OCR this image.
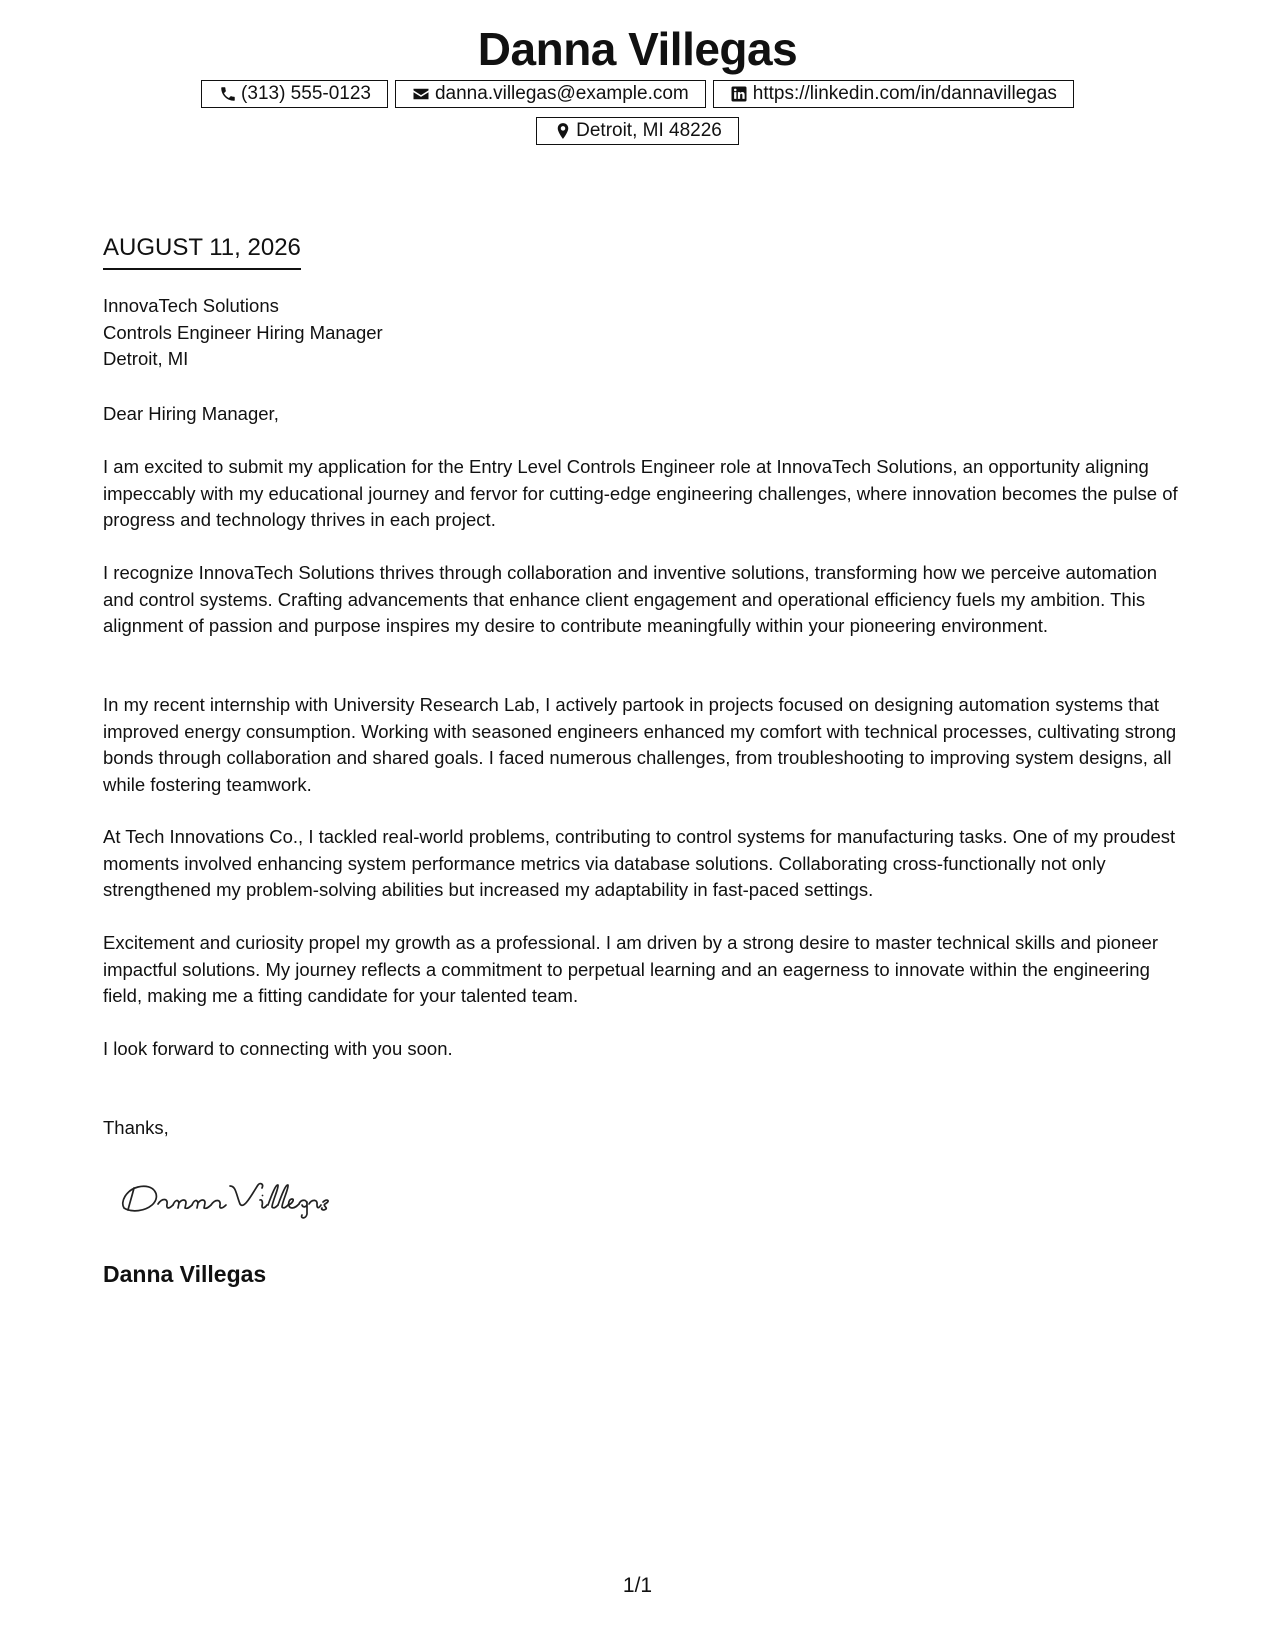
Danna Villegas
(313) 555-0123	danna.villegas@example.com	https://linkedin.com/in/dannavillegas
Detroit, MI 48226
AUGUST 11, 2026
InnovaTech Solutions
Controls Engineer Hiring Manager
Detroit, MI

Dear Hiring Manager,

I am excited to submit my application for the Entry Level Controls Engineer role at InnovaTech Solutions, an opportunity aligning impeccably with my educational journey and fervor for cutting-edge engineering challenges, where innovation becomes the pulse of progress and technology thrives in each project.

I recognize InnovaTech Solutions thrives through collaboration and inventive solutions, transforming how we perceive automation and control systems. Crafting advancements that enhance client engagement and operational efficiency fuels my ambition. This alignment of passion and purpose inspires my desire to contribute meaningfully within your pioneering environment.

In my recent internship with University Research Lab, I actively partook in projects focused on designing automation systems that improved energy consumption. Working with seasoned engineers enhanced my comfort with technical processes, cultivating strong bonds through collaboration and shared goals. I faced numerous challenges, from troubleshooting to improving system designs, all while fostering teamwork.

At Tech Innovations Co., I tackled real-world problems, contributing to control systems for manufacturing tasks. One of my proudest moments involved enhancing system performance metrics via database solutions. Collaborating cross-functionally not only strengthened my problem-solving abilities but increased my adaptability in fast-paced settings.

Excitement and curiosity propel my growth as a professional. I am driven by a strong desire to master technical skills and pioneer impactful solutions. My journey reflects a commitment to perpetual learning and an eagerness to innovate within the engineering field, making me a fitting candidate for your talented team.

I look forward to connecting with you soon.

Thanks,

Danna Villegas
1/1
